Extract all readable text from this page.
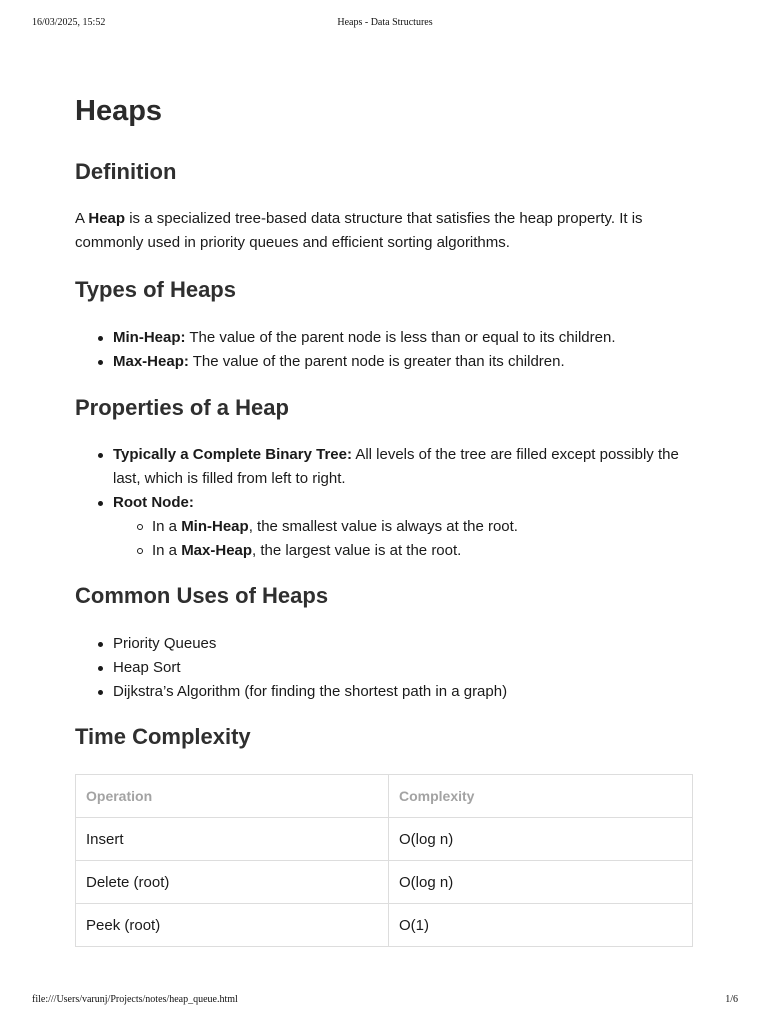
16/03/2025, 15:52	Heaps - Data Structures
Heaps
Definition

A Heap is a specialized tree-based data structure that satisfies the heap property. It is commonly used in priority queues and efficient sorting algorithms.

Types of Heaps
Min-Heap: The value of the parent node is less than or equal to its children.
Max-Heap: The value of the parent node is greater than its children.
Properties of a Heap
Typically a Complete Binary Tree: All levels of the tree are filled except possibly the last, which is filled from left to right.
Root Node:
In a Min-Heap, the smallest value is always at the root.
In a Max-Heap, the largest value is at the root.
Common Uses of Heaps
Priority Queues
Heap Sort
Dijkstra’s Algorithm (for finding the shortest path in a graph)
Time Complexity
Operation	Complexity
Insert	O(log n)
Delete (root)	O(log n)
Peek (root)	O(1)
file:///Users/varunj/Projects/notes/heap_queue.html	1/6
